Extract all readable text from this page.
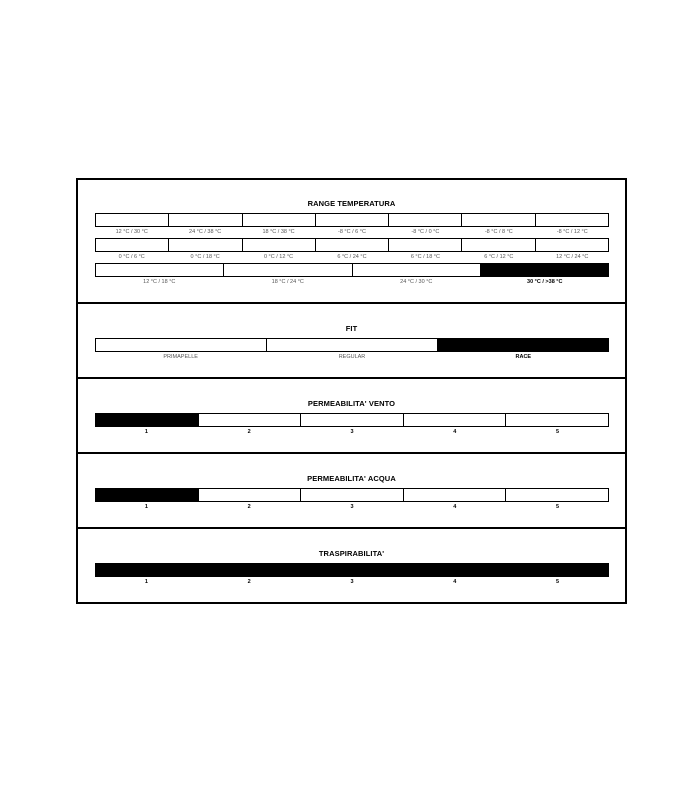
RANGE TEMPERATURA
12 °C / 30 °C	24 °C / 38 °C	18 °C / 38 °C	-8 °C / 6 °C	-8 °C / 0 °C	-8 °C / 8 °C	-8 °C / 12 °C
0 °C / 6 °C	0 °C / 18 °C	0 °C / 12 °C	6 °C / 24 °C	6 °C / 18 °C	6 °C / 12 °C	12 °C / 24 °C
12 °C / 18 °C	18 °C / 24 °C	24 °C / 30 °C	30 °C / >38 °C
FIT
PRIMAPELLE	REGULAR	RACE
PERMEABILITA' VENTO
1	2	3	4	5
PERMEABILITA' ACQUA
1	2	3	4	5
TRASPIRABILITA'
1	2	3	4	5
